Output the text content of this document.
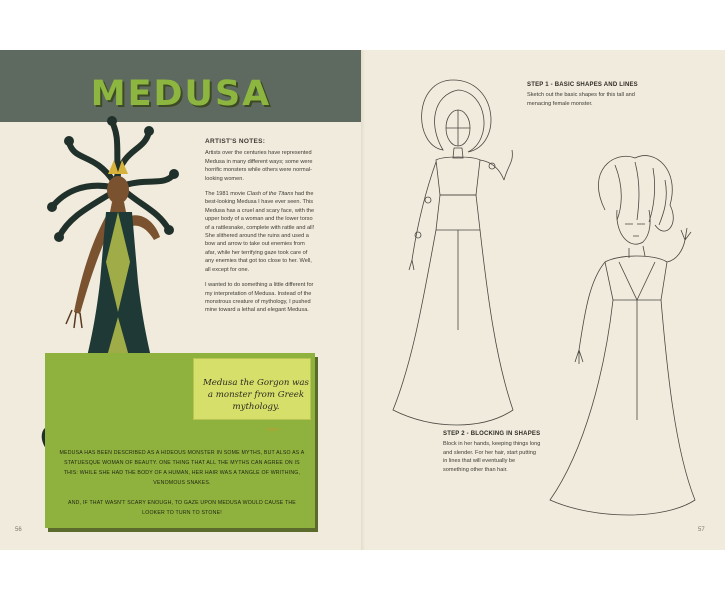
MEDUSA
ARTIST'S NOTES:

Artists over the centuries have represented Medusa in many different ways; some were horrific monsters while others were normal-looking women.

The 1981 movie Clash of the Titans had the best-looking Medusa I have ever seen. This Medusa has a cruel and scary face, with the upper body of a woman and the lower torso of a rattlesnake, complete with rattle and all! She slithered around the ruins and used a bow and arrow to take out enemies from afar, while her terrifying gaze took care of any enemies that got too close to her. Well, all except for one.

I wanted to do something a little different for my interpretation of Medusa. Instead of the monstrous creature of mythology, I pushed mine toward a lethal and elegant Medusa.

Medusa the Gorgon was a monster from Greek mythology.
~∞~

MEDUSA HAS BEEN DESCRIBED AS A HIDEOUS MONSTER IN SOME MYTHS, BUT ALSO AS A STATUESQUE WOMAN OF BEAUTY. ONE THING THAT ALL THE MYTHS CAN AGREE ON IS THIS: WHILE SHE HAD THE BODY OF A HUMAN, HER HAIR WAS A TANGLE OF WRITHING, VENOMOUS SNAKES.

AND, IF THAT WASN'T SCARY ENOUGH, TO GAZE UPON MEDUSA WOULD CAUSE THE LOOKER TO TURN TO STONE!

56
STEP 1 - BASIC SHAPES AND LINES
Sketch out the basic shapes for this tall and menacing female monster.
STEP 2 - BLOCKING IN SHAPES
Block in her hands, keeping things long and slender. For her hair, start putting in lines that will eventually be something other than hair.
57
